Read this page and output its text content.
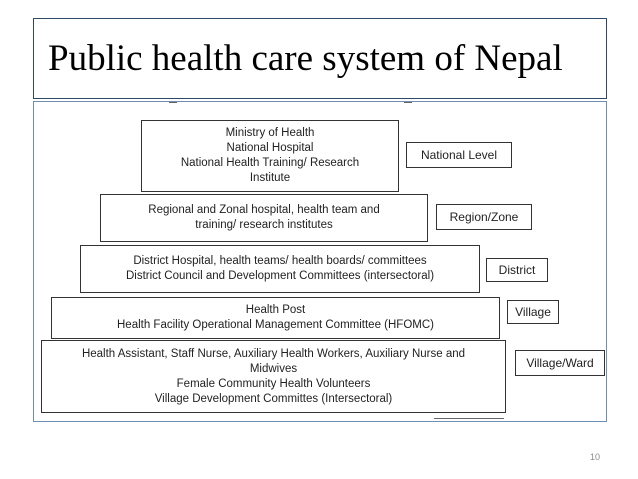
Public health care system of Nepal
Ministry of Health
National Hospital
National Health Training/ Research
Institute
National Level
Regional and Zonal hospital, health team and
training/ research institutes
Region/Zone
District Hospital, health teams/ health boards/ committees
District Council and Development Committees (intersectoral)	District
Health Post
Health Facility Operational Management Committee (HFOMC)
Village
Health Assistant, Staff Nurse, Auxiliary Health Workers, Auxiliary Nurse and
Midwives
Female Community Health Volunteers
Village Development Committes (Intersectoral)
Village/Ward
10
